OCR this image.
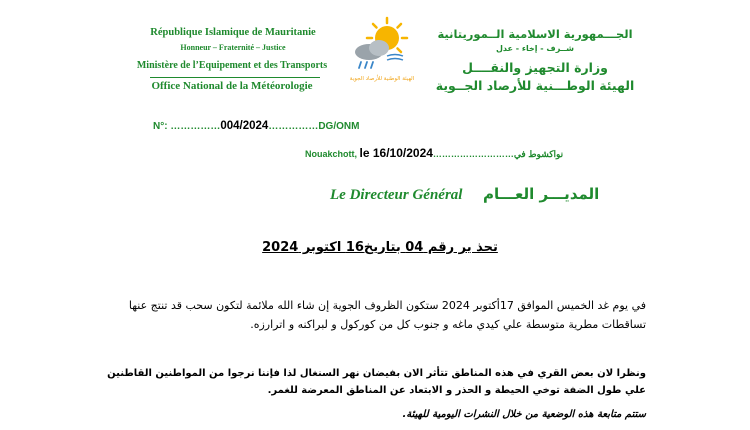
République Islamique de Mauritanie
Honneur – Fraternité – Justice
Ministère de l’Equipement et des Transports
Office National de la Météorologie
الهيئة الوطنية للأرصاد الجوية
الجـــمهورية الاسلامية الــموريتانية
شــرف - إخاء - عدل
وزارة التجهيز والنقــــل
الهيئة الوطـــنية للأرصاد الجــوية
N°: ……………004/2024……………DG/ONM
Nouakchott, le 16/10/2024………………………نواكشوط في
Le Directeur Général المديـــر العـــام
تحذ ير رقم 04 بتاريخ16 اكتوبر 2024
في يوم غد الخميس الموافق 17أكتوبر 2024 ستكون الظروف الجوية إن شاء الله ملائمة لتكون سحب قد تنتج عنها تساقطات مطرية متوسطة علي كيدي ماغه و جنوب كل من كوركول و لبراكنه و اترارزه.
ونظرا لان بعض القري في هذه المناطق تتأثر الان بفيضان نهر السنغال لذا فإننا نرجوا من المواطنين القاطنين علي طول الضفة توخي الحيطة و الحذر و الابتعاد عن المناطق المعرضة للغمر.
ستتم متابعة هذه الوضعية من خلال النشرات اليومية للهيئة.
